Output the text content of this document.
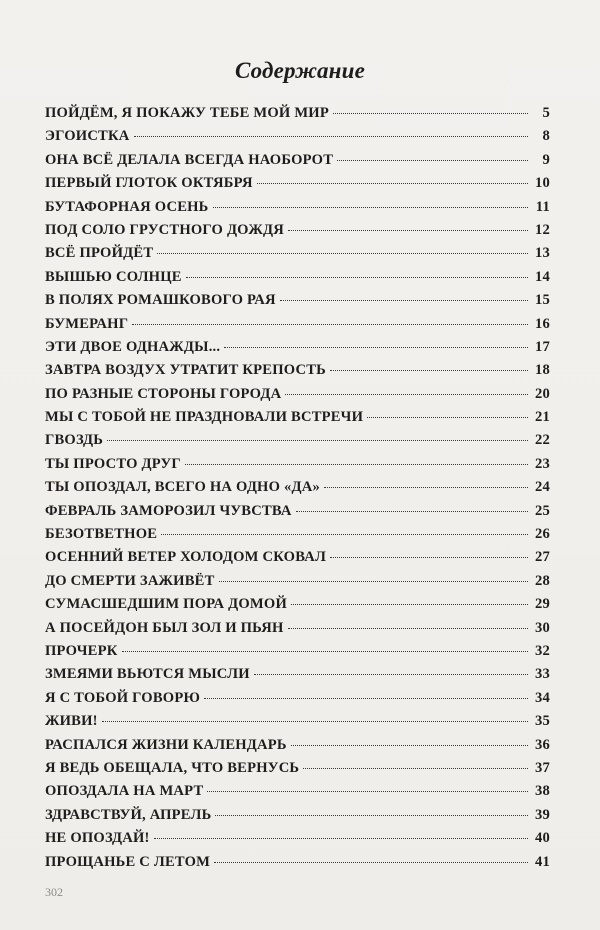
Содержание
ПОЙДЁМ, Я ПОКАЖУ ТЕБЕ МОЙ МИР	5
ЭГОИСТКА	8
ОНА ВСЁ ДЕЛАЛА ВСЕГДА НАОБОРОТ	9
ПЕРВЫЙ ГЛОТОК ОКТЯБРЯ	10
БУТАФОРНАЯ ОСЕНЬ	11
ПОД СОЛО ГРУСТНОГО ДОЖДЯ	12
ВСЁ ПРОЙДЁТ	13
ВЫШЬЮ СОЛНЦЕ	14
В ПОЛЯХ РОМАШКОВОГО РАЯ	15
БУМЕРАНГ	16
ЭТИ ДВОЕ ОДНАЖДЫ...	17
ЗАВТРА ВОЗДУХ УТРАТИТ КРЕПОСТЬ	18
ПО РАЗНЫЕ СТОРОНЫ ГОРОДА	20
МЫ С ТОБОЙ НЕ ПРАЗДНОВАЛИ ВСТРЕЧИ	21
ГВОЗДЬ	22
ТЫ ПРОСТО ДРУГ	23
ТЫ ОПОЗДАЛ, ВСЕГО НА ОДНО «ДА»	24
ФЕВРАЛЬ ЗАМОРОЗИЛ ЧУВСТВА	25
БЕЗОТВЕТНОЕ	26
ОСЕННИЙ ВЕТЕР ХОЛОДОМ СКОВАЛ	27
ДО СМЕРТИ ЗАЖИВЁТ	28
СУМАСШЕДШИМ ПОРА ДОМОЙ	29
А ПОСЕЙДОН БЫЛ ЗОЛ И ПЬЯН	30
ПРОЧЕРК	32
ЗМЕЯМИ ВЬЮТСЯ МЫСЛИ	33
Я С ТОБОЙ ГОВОРЮ	34
ЖИВИ!	35
РАСПАЛСЯ ЖИЗНИ КАЛЕНДАРЬ	36
Я ВЕДЬ ОБЕЩАЛА, ЧТО ВЕРНУСЬ	37
ОПОЗДАЛА НА МАРТ	38
ЗДРАВСТВУЙ, АПРЕЛЬ	39
НЕ ОПОЗДАЙ!	40
ПРОЩАНЬЕ С ЛЕТОМ	41
302
